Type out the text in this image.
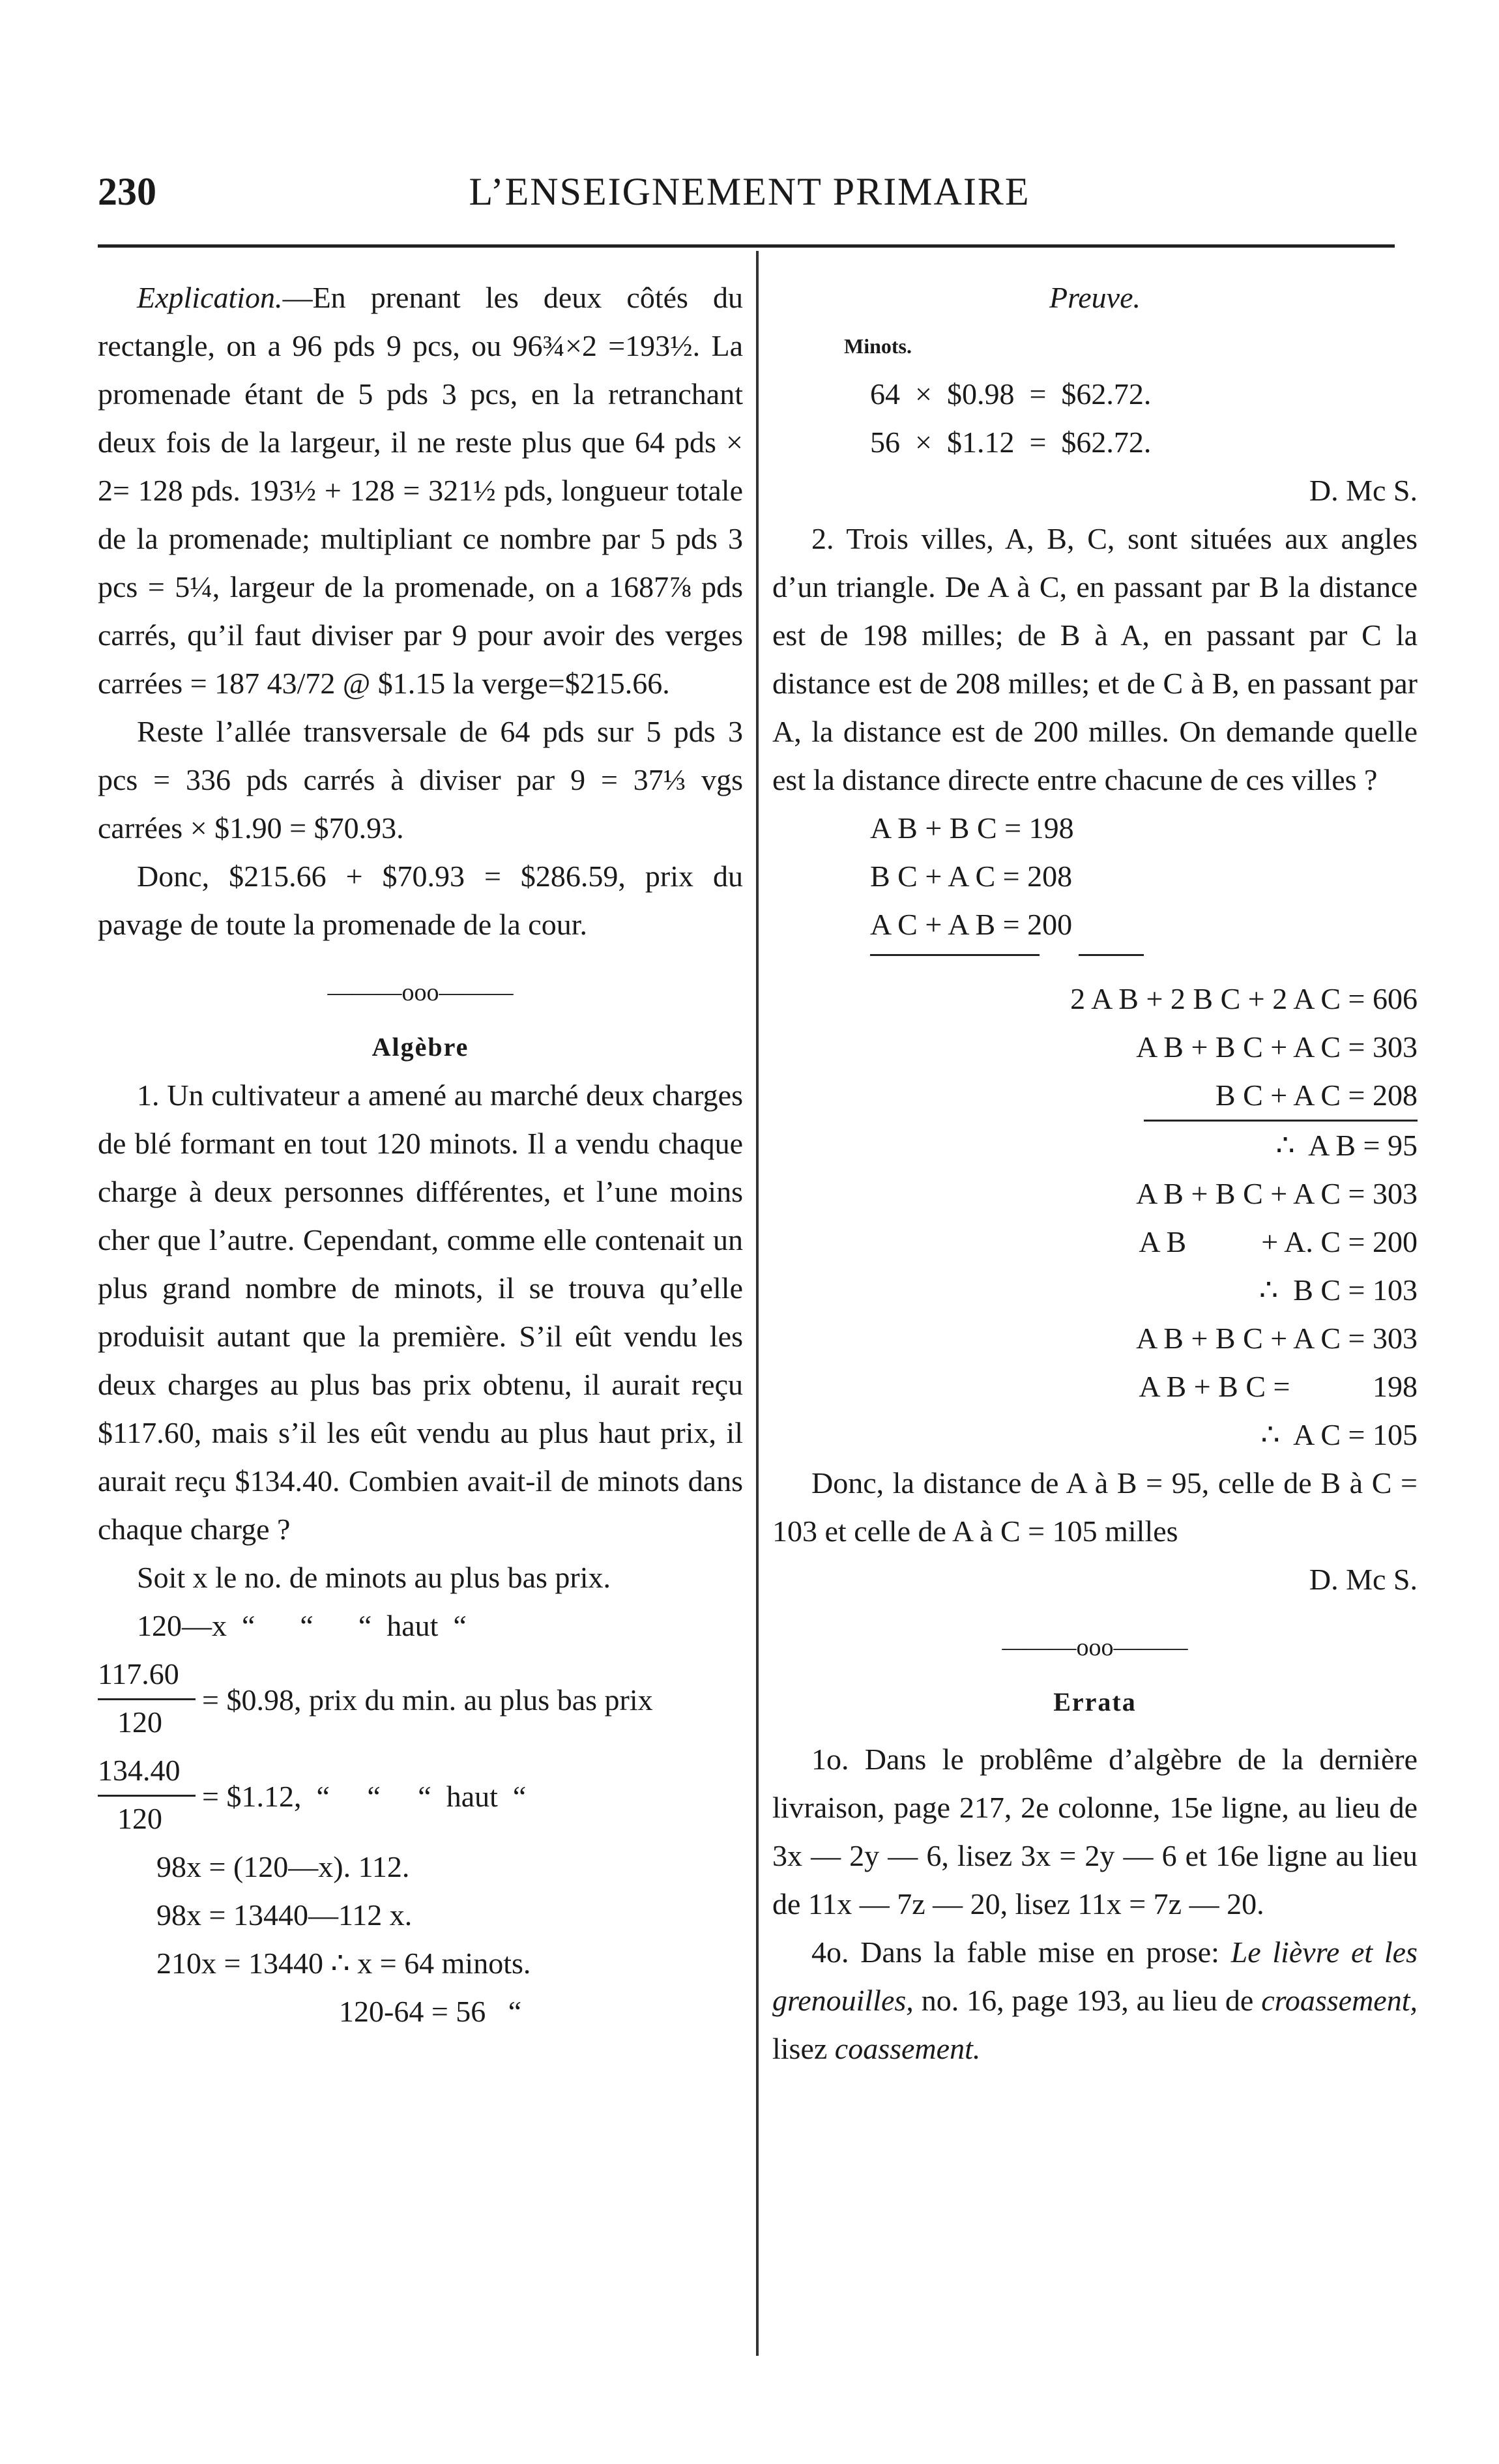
230	L’ENSEIGNEMENT PRIMAIRE

Explication.—En prenant les deux côtés du rectangle, on a 96 pds 9 pcs, ou 96¾×2 =193½. La promenade étant de 5 pds 3 pcs, en la retranchant deux fois de la largeur, il ne reste plus que 64 pds × 2= 128 pds. 193½ + 128 = 321½ pds, longueur totale de la promenade; multipliant ce nombre par 5 pds 3 pcs = 5¼, largeur de la promenade, on a 1687⅞ pds carrés, qu’il faut diviser par 9 pour avoir des verges carrées = 187 43/72 @ $1.15 la verge=$215.66.

Reste l’allée transversale de 64 pds sur 5 pds 3 pcs = 336 pds carrés à diviser par 9 = 37⅓ vgs carrées × $1.90 = $70.93.

Donc, $215.66 + $70.93 = $286.59, prix du pavage de toute la promenade de la cour.

———ooo———
Algèbre

1. Un cultivateur a amené au marché deux charges de blé formant en tout 120 minots. Il a vendu chaque charge à deux personnes différentes, et l’une moins cher que l’autre. Cependant, comme elle contenait un plus grand nombre de minots, il se trouva qu’elle produisit autant que la première. S’il eût vendu les deux charges au plus bas prix obtenu, il aurait reçu $117.60, mais s’il les eût vendu au plus haut prix, il aurait reçu $134.40. Combien avait-il de minots dans chaque charge ?

Soit x le no. de minots au plus bas prix.

120—x  “      “      “  haut  “
117.60
= $0.98, prix du min. au plus bas prix
120
134.40
= $1.12,  “     “     “  haut  “
120
98x = (120—x). 112.
98x = 13440—112 x.
210x = 13440 ∴ x = 64 minots.
120-64 = 56   “
Preuve.
Minots.
64  ×  $0.98  =  $62.72.
56  ×  $1.12  =  $62.72.
D. Mc S.

2. Trois villes, A, B, C, sont situées aux angles d’un triangle. De A à C, en passant par B la distance est de 198 milles; de B à A, en passant par C la distance est de 208 milles; et de C à B, en passant par A, la distance est de 200 milles. On demande quelle est la distance directe entre chacune de ces villes ?

A B + B C = 198
B C + A C = 208
A C + A B = 200
2 A B + 2 B C + 2 A C = 606
A B + B C + A C = 303
B C + A C = 208
∴  A B = 95
A B + B C + A C = 303
A B          + A. C = 200
∴  B C = 103
A B + B C + A C = 303
A B + B C =           198
∴  A C = 105

Donc, la distance de A à B = 95, celle de B à C = 103 et celle de A à C = 105 milles

D. Mc S.
———ooo———
Errata

1o. Dans le problême d’algèbre de la dernière livraison, page 217, 2e colonne, 15e ligne, au lieu de 3x — 2y — 6, lisez 3x = 2y — 6 et 16e ligne au lieu de 11x — 7z — 20, lisez 11x = 7z — 20.

4o. Dans la fable mise en prose: Le lièvre et les grenouilles, no. 16, page 193, au lieu de croassement, lisez coassement.
